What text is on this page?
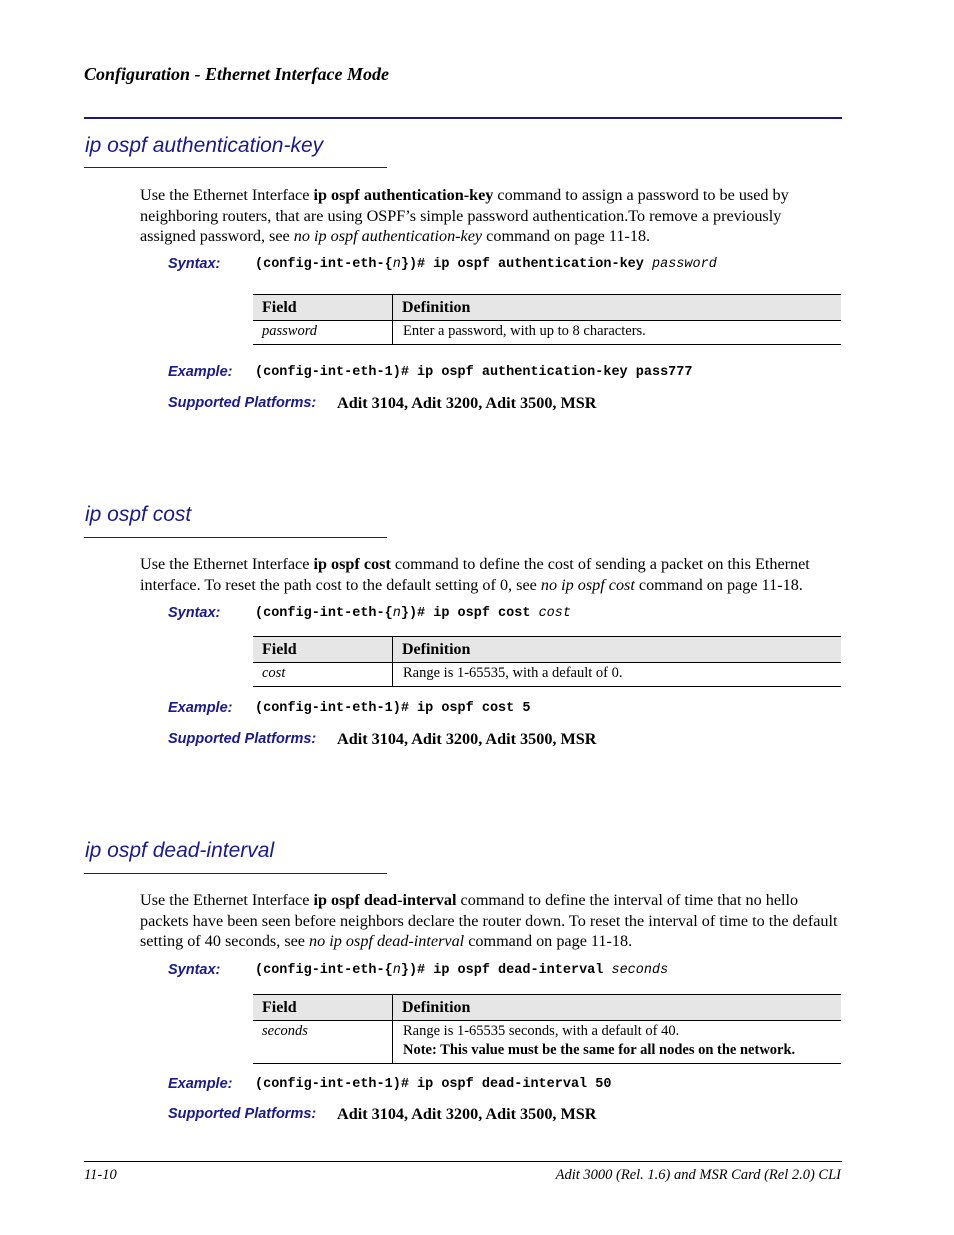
Configuration - Ethernet Interface Mode
ip ospf authentication-key
Use the Ethernet Interface ip ospf authentication-key command to assign a password to be used by neighboring routers, that are using OSPF’s simple password authentication.To remove a previously assigned password, see no ip ospf authentication-key command on page 11-18.
Syntax:	(config-int-eth-{n})# ip ospf authentication-key password
Field	Definition
password	Enter a password, with up to 8 characters.
Example: (config-int-eth-1)# ip ospf authentication-key pass777
Supported Platforms: Adit 3104, Adit 3200, Adit 3500, MSR
ip ospf cost
Use the Ethernet Interface ip ospf cost command to define the cost of sending a packet on this Ethernet interface. To reset the path cost to the default setting of 0, see no ip ospf cost command on page 11-18.
Syntax:	(config-int-eth-{n})# ip ospf cost cost
Field	Definition
cost	Range is 1-65535, with a default of 0.
Example: (config-int-eth-1)# ip ospf cost 5
Supported Platforms: Adit 3104, Adit 3200, Adit 3500, MSR
ip ospf dead-interval
Use the Ethernet Interface ip ospf dead-interval command to define the interval of time that no hello packets have been seen before neighbors declare the router down. To reset the interval of time to the default setting of 40 seconds, see no ip ospf dead-interval command on page 11-18.
Syntax:	(config-int-eth-{n})# ip ospf dead-interval seconds
Field	Definition
seconds	Range is 1-65535 seconds, with a default of 40.
Note: This value must be the same for all nodes on the network.
Example: (config-int-eth-1)# ip ospf dead-interval 50
Supported Platforms: Adit 3104, Adit 3200, Adit 3500, MSR
11-10	Adit 3000 (Rel. 1.6) and MSR Card (Rel 2.0) CLI
